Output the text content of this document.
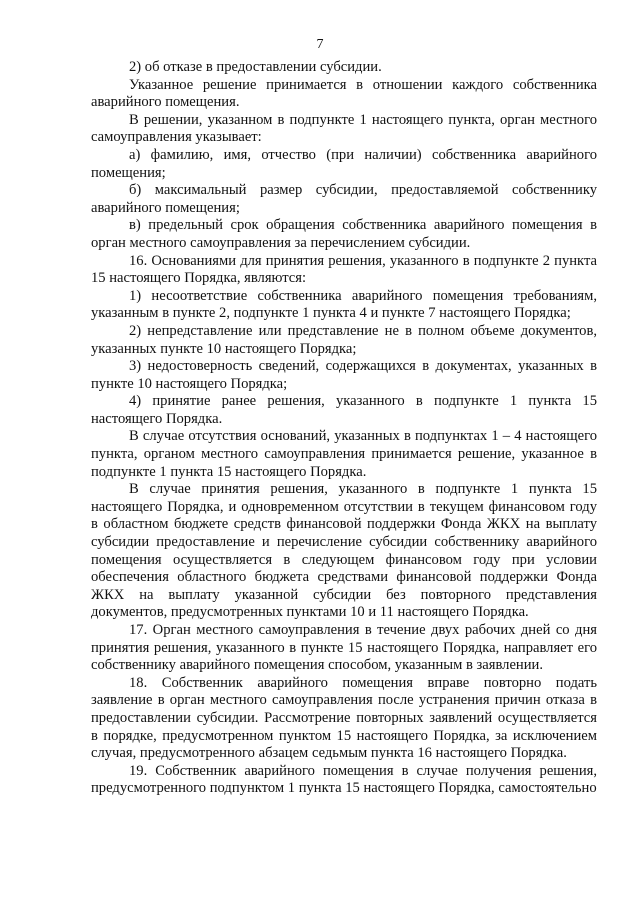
7

2) об отказе в предоставлении субсидии.

Указанное решение принимается в отношении каждого собственника аварийного помещения.

В решении, указанном в подпункте 1 настоящего пункта, орган местного самоуправления указывает:

а) фамилию, имя, отчество (при наличии) собственника аварийного помещения;

б) максимальный размер субсидии, предоставляемой собственнику аварийного помещения;

в) предельный срок обращения собственника аварийного помещения в орган местного самоуправления за перечислением субсидии.

16. Основаниями для принятия решения, указанного в подпункте 2 пункта 15 настоящего Порядка, являются:

1) несоответствие собственника аварийного помещения требованиям, указанным в пункте 2, подпункте 1 пункта 4 и пункте 7 настоящего Порядка;

2) непредставление или представление не в полном объеме документов, указанных пункте 10 настоящего Порядка;

3) недостоверность сведений, содержащихся в документах, указанных в пункте 10 настоящего Порядка;

4) принятие ранее решения, указанного в подпункте 1 пункта 15 настоящего Порядка.

В случае отсутствия оснований, указанных в подпунктах 1 – 4 настоящего пункта, органом местного самоуправления принимается решение, указанное в подпункте 1 пункта 15 настоящего Порядка.

В случае принятия решения, указанного в подпункте 1 пункта 15 настоящего Порядка, и одновременном отсутствии в текущем финансовом году в областном бюджете средств финансовой поддержки Фонда ЖКХ на выплату субсидии предоставление и перечисление субсидии собственнику аварийного помещения осуществляется в следующем финансовом году при условии обеспечения областного бюджета средствами финансовой поддержки Фонда ЖКХ на выплату указанной субсидии без повторного представления документов, предусмотренных пунктами 10 и 11 настоящего Порядка.

17. Орган местного самоуправления в течение двух рабочих дней со дня принятия решения, указанного в пункте 15 настоящего Порядка, направляет его собственнику аварийного помещения способом, указанным в заявлении.

18. Собственник аварийного помещения вправе повторно подать заявление в орган местного самоуправления после устранения причин отказа в предоставлении субсидии. Рассмотрение повторных заявлений осуществляется в порядке, предусмотренном пунктом 15 настоящего Порядка, за исключением случая, предусмотренного абзацем седьмым пункта 16 настоящего Порядка.

19. Собственник аварийного помещения в случае получения решения, предусмотренного подпунктом 1 пункта 15 настоящего Порядка, самостоятельно
